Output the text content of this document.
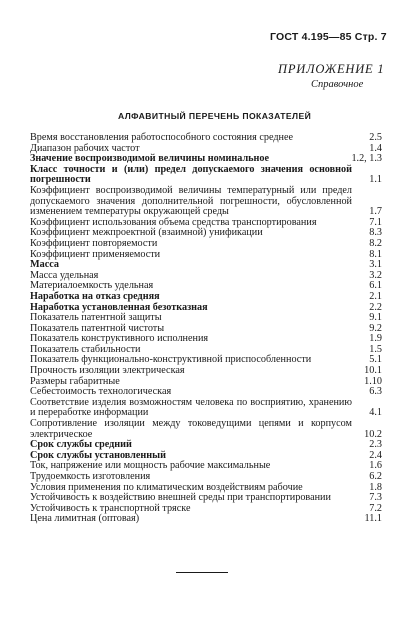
ГОСТ 4.195—85 Стр. 7
ПРИЛОЖЕНИЕ 1
Справочное
АЛФАВИТНЫЙ ПЕРЕЧЕНЬ ПОКАЗАТЕЛЕЙ
Время восстановления работоспособного состояния среднее	2.5
Диапазон рабочих частот	1.4
Значение воспроизводимой величины номинальное	1.2, 1.3
Класс точности и (или) предел допускаемого значения основной погрешности	1.1
Коэффициент воспроизводимой величины температурный или предел допускаемого значения дополнительной погрешности, обусловленной изменением температуры окружающей среды	1.7
Коэффициент использования объема средства транспортирования	7.1
Коэффициент межпроектной (взаимной) унификации	8.3
Коэффициент повторяемости	8.2
Коэффициент применяемости	8.1
Масса	3.1
Масса удельная	3.2
Материалоемкость удельная	6.1
Наработка на отказ средняя	2.1
Наработка установленная безотказная	2.2
Показатель патентной защиты	9.1
Показатель патентной чистоты	9.2
Показатель конструктивного исполнения	1.9
Показатель стабильности	1.5
Показатель функционально-конструктивной приспособленности	5.1
Прочность изоляции электрическая	10.1
Размеры габаритные	1.10
Себестоимость технологическая	6.3
Соответствие изделия возможностям человека по восприятию, хранению и переработке информации	4.1
Сопротивление изоляции между токоведущими цепями и корпусом электрическое	10.2
Срок службы средний	2.3
Срок службы установленный	2.4
Ток, напряжение или мощность рабочие максимальные	1.6
Трудоемкость изготовления	6.2
Условия применения по климатическим воздействиям рабочие	1.8
Устойчивость к воздействию внешней среды при транспортировании	7.3
Устойчивость к транспортной тряске	7.2
Цена лимитная (оптовая)	11.1
